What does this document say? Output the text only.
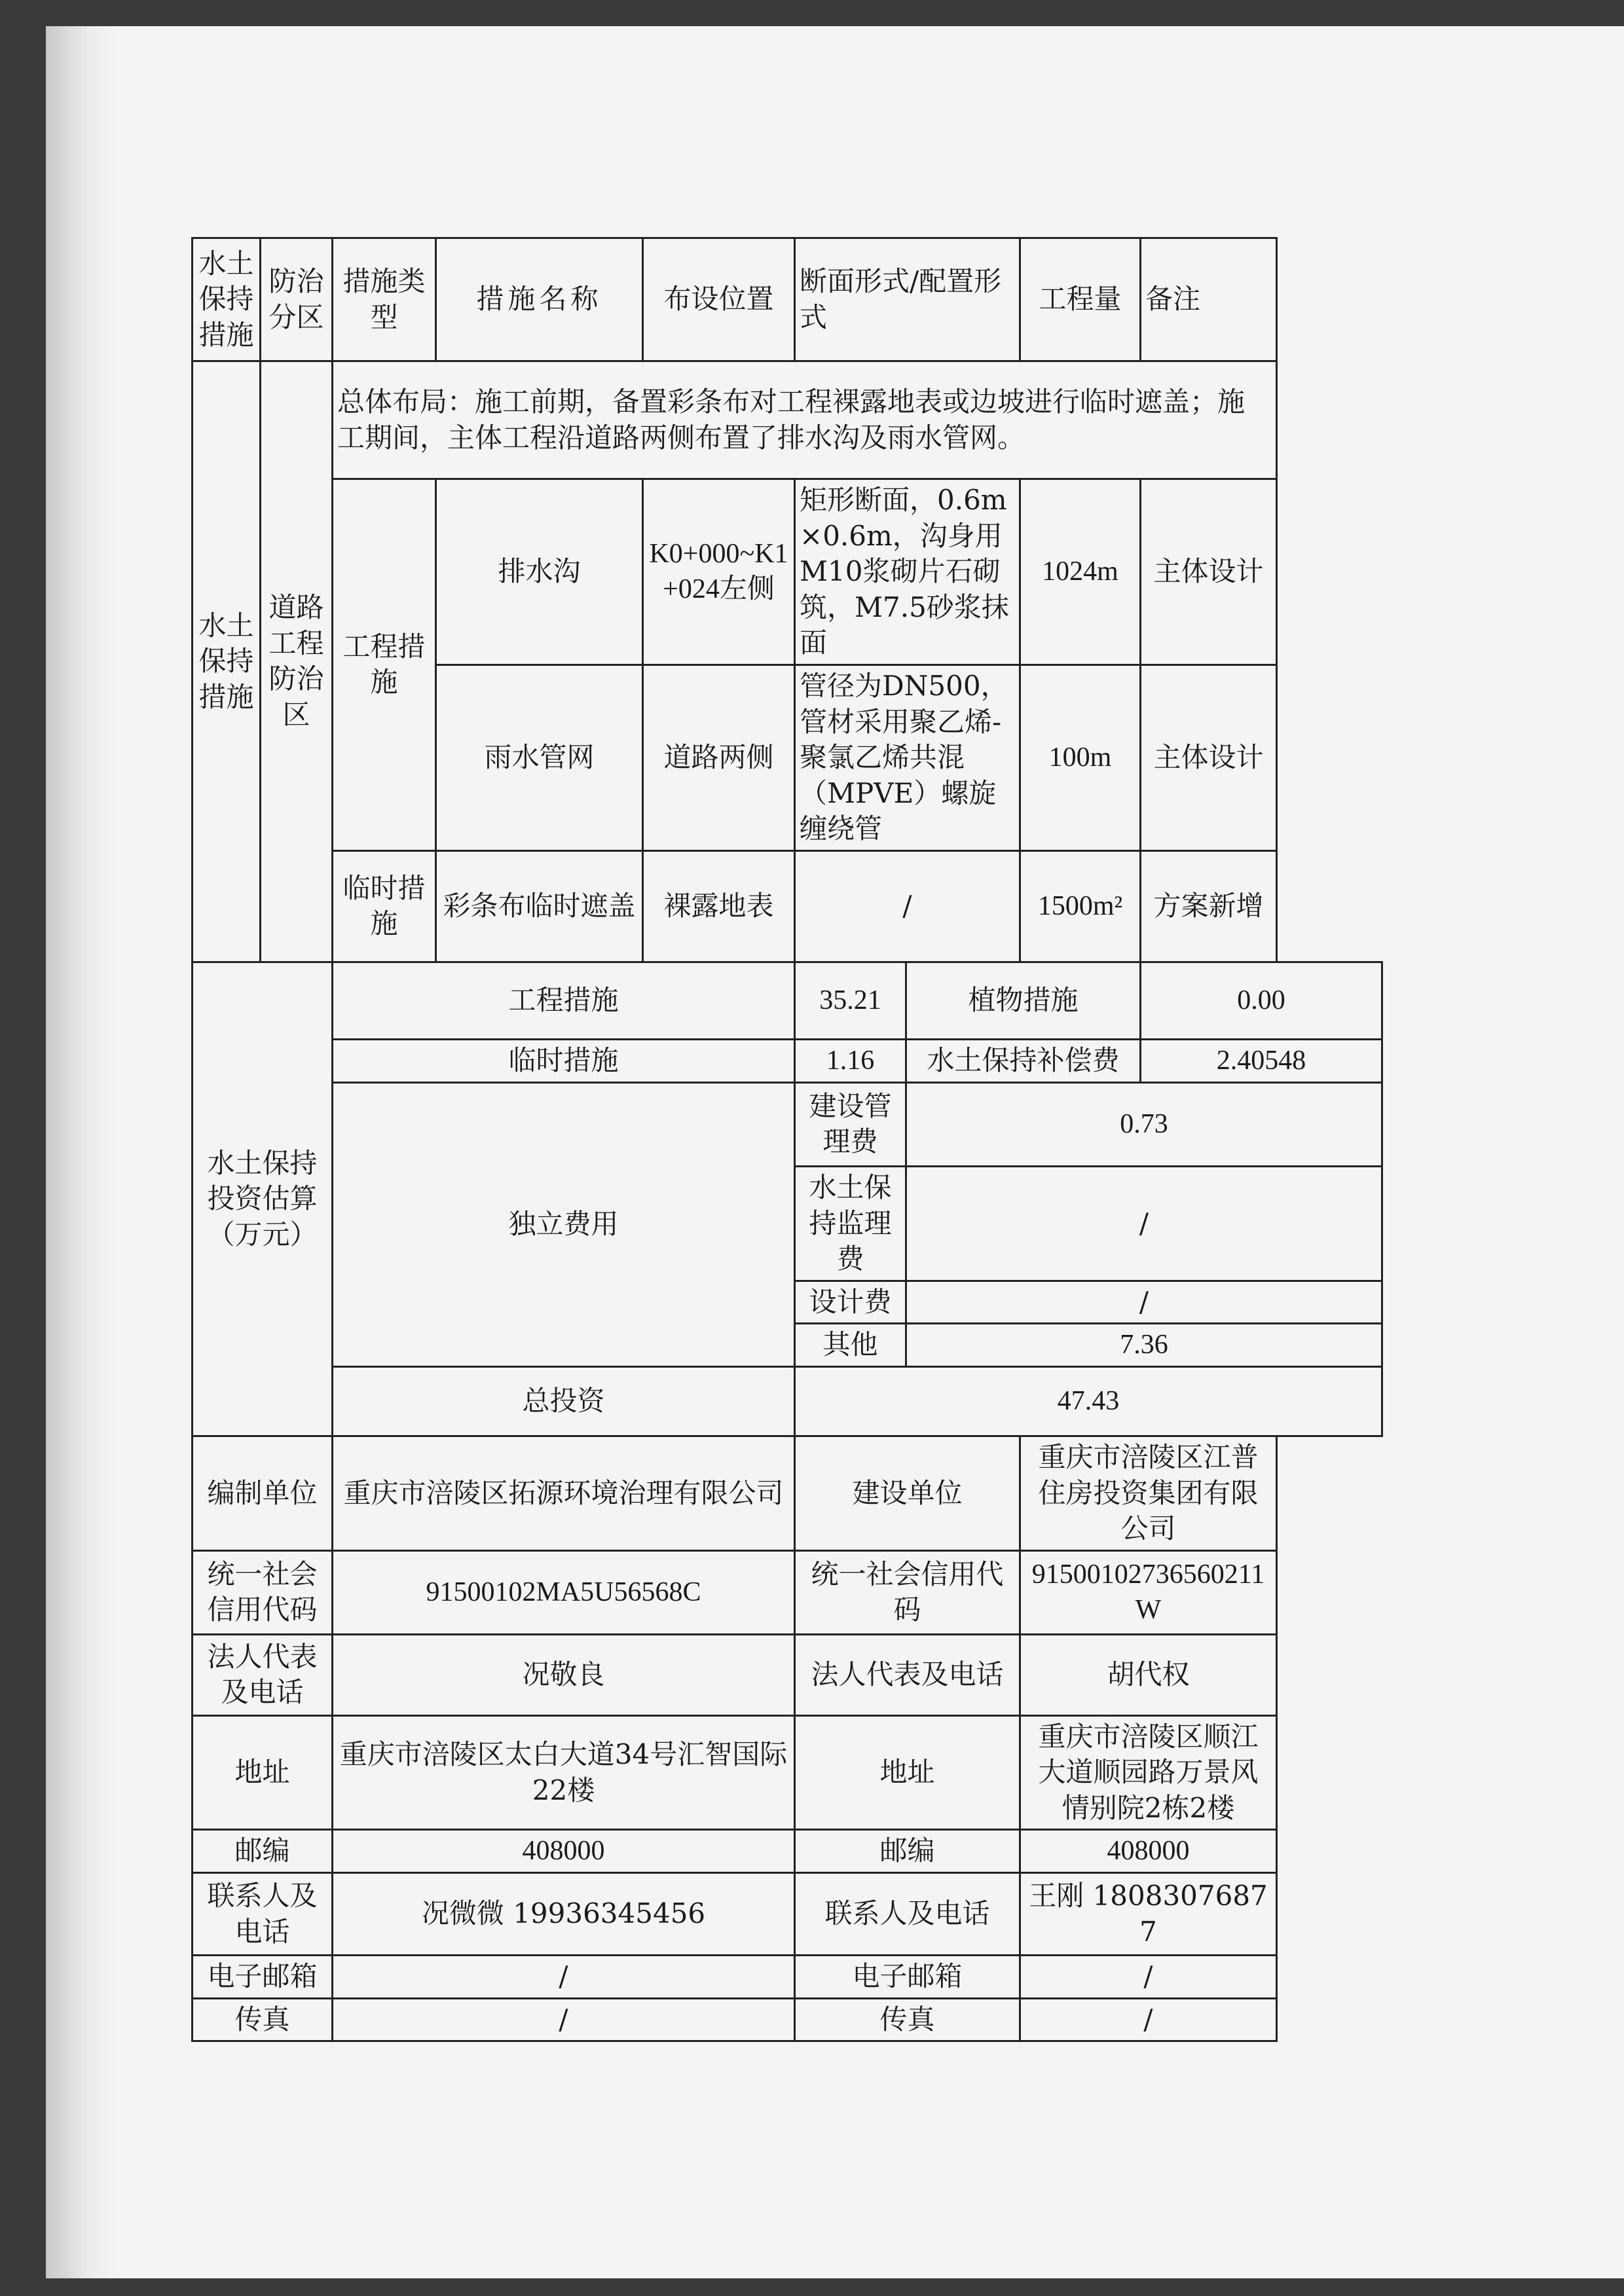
水土保持措施	防治分区	措施类型	措施名称	布设位置	断面形式/配置形式		工程量	备注
水土保持措施	道路工程防治区	总体布局：施工前期，备置彩条布对工程裸露地表或边坡进行临时遮盖；施工期间，主体工程沿道路两侧布置了排水沟及雨水管网。						
		工程措施	排水沟	K0+000~K1+024左侧	矩形断面，0.6m×0.6m，沟身用M10浆砌片石砌筑，M7.5砂浆抹面		1024m	主体设计
			雨水管网	道路两侧	管径为DN500，管材采用聚乙烯-聚氯乙烯共混（MPVE）螺旋缠绕管		100m	主体设计
		临时措施	彩条布临时遮盖	裸露地表	/		1500m²	方案新增
水土保持投资估算（万元）		工程措施			35.21	植物措施		0.00
		临时措施			1.16	水土保持补偿费		2.40548
		独立费用			建设管理费	0.73		
					水土保持监理费	/		
					设计费	/		
					其他	7.36		
		总投资			47.43			
编制单位		重庆市涪陵区拓源环境治理有限公司			建设单位		重庆市涪陵区江普住房投资集团有限公司	
统一社会信用代码		91500102MA5U56568C			统一社会信用代码		91500102736560211W	
法人代表及电话		况敬良			法人代表及电话		胡代权	
地址		重庆市涪陵区太白大道34号汇智国际22楼			地址		重庆市涪陵区顺江大道顺园路万景风情别院2栋2楼	
邮编		408000			邮编		408000	
联系人及电话		况微微 19936345456			联系人及电话		王刚 18083076877	
电子邮箱		/			电子邮箱		/	
传真		/			传真		/	
